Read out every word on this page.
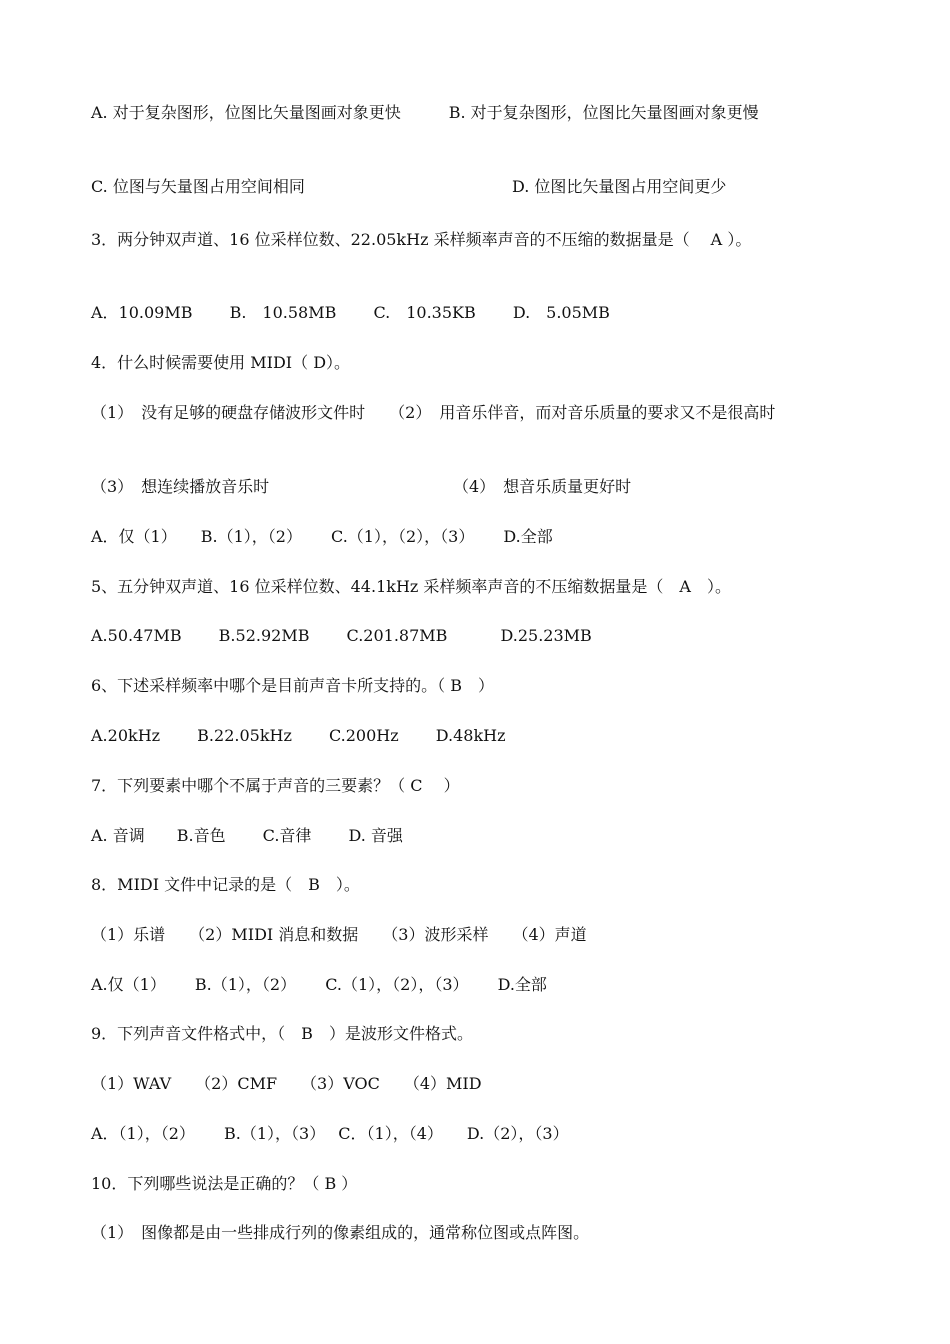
A. 对于复杂图形，位图比矢量图画对象更快　　　B. 对于复杂图形，位图比矢量图画对象更慢
C. 位图与矢量图占用空间相同	D. 位图比矢量图占用空间更少
3．两分钟双声道、16 位采样位数、22.05kHz 采样频率声音的不压缩的数据量是（　 A ）。
A．10.09MB　　 B.　10.58MB　　 C.　10.35KB　　 D.　5.05MB
4．什么时候需要使用 MIDI（ D）。
（1）　没有足够的硬盘存储波形文件时　　（2）　用音乐伴音，而对音乐质量的要求又不是很高时
（3）　想连续播放音乐时	（4）　想音乐质量更好时
A．仅（1）　　B.（1），（2）　　 C.（1），（2），（3）　　 D.全部
5、五分钟双声道、16 位采样位数、44.1kHz 采样频率声音的不压缩数据量是（　A　）。
A.50.47MB　　 B.52.92MB　　 C.201.87MB　　　 D.25.23MB
6、下述采样频率中哪个是目前声音卡所支持的。（ B　）
A.20kHz　　 B.22.05kHz　　 C.200Hz　　 D.48kHz
7．下列要素中哪个不属于声音的三要素？（ C　 ）
A. 音调　　B.音色　　 C.音律　　 D. 音强
8．MIDI 文件中记录的是（　B　）。
（1）乐谱　　（2）MIDI 消息和数据　　（3）波形采样　　（4）声道
A.仅（1）　　 B.（1），（2）　　 C.（1），（2），（3）　　 D.全部
9．下列声音文件格式中，（　B　）是波形文件格式。
（1）WAV　　（2）CMF　　（3）VOC　　（4）MID
A．（1），（2）　　 B.（1），（3）　 C．（1），（4）　　D.（2），（3）
10．下列哪些说法是正确的？（ B ）
（1）　图像都是由一些排成行列的像素组成的，通常称位图或点阵图。
